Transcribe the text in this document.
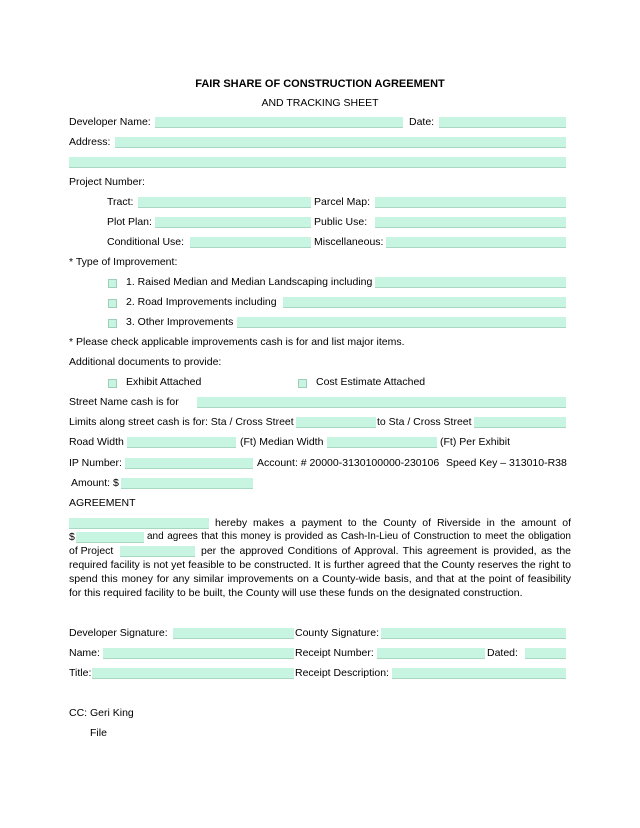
FAIR SHARE OF CONSTRUCTION AGREEMENT
AND TRACKING SHEET
Developer Name:	Date:
Address:
Project Number:
Tract:	Parcel Map:
Plot Plan:	Public Use:
Conditional Use:	Miscellaneous:
* Type of Improvement:
1. Raised Median and Median Landscaping including
2. Road Improvements including
3. Other Improvements
* Please check applicable improvements cash is for and list major items.
Additional documents to provide:
Exhibit Attached	Cost Estimate Attached
Street Name cash is for
Limits along street cash is for: Sta / Cross Street	to Sta / Cross Street
Road Width	(Ft) Median Width	(Ft) Per Exhibit
IP Number:	Account: # 20000-3130100000-230106 Speed Key – 313010-R38
Amount: $
AGREEMENT
hereby makes a payment to the County of Riverside in the amount of
$	and agrees that this money is provided as Cash-In-Lieu of Construction to meet the obligation
of Project	per the approved Conditions of Approval. This agreement is provided, as the
required facility is not yet feasible to be constructed. It is further agreed that the County reserves the right to spend this money for any similar improvements on a County-wide basis, and that at the point of feasibility for this required facility to be built, the County will use these funds on the designated construction.
Developer Signature:	County Signature:
Name:	Receipt Number:	Dated:
Title:	Receipt Description:
CC: Geri King
File
